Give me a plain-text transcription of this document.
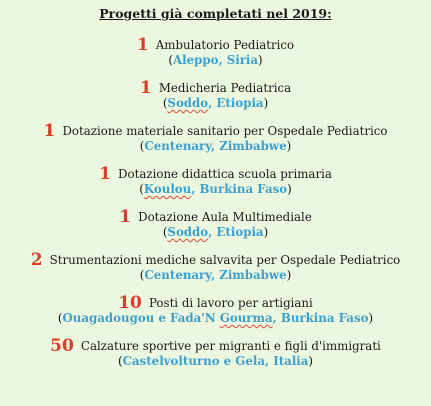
Progetti già completati nel 2019:
1 Ambulatorio Pediatrico
(Aleppo, Siria)
1 Medicheria Pediatrica
(Soddo, Etiopia)
1 Dotazione materiale sanitario per Ospedale Pediatrico
(Centenary, Zimbabwe)
1 Dotazione didattica scuola primaria
(Koulou, Burkina Faso)
1 Dotazione Aula Multimediale
(Soddo, Etiopia)
2 Strumentazioni mediche salvavita per Ospedale Pediatrico
(Centenary, Zimbabwe)
10 Posti di lavoro per artigiani
(Ouagadougou e Fada'N Gourma, Burkina Faso)
50 Calzature sportive per migranti e figli d'immigrati
(Castelvolturno e Gela, Italia)
